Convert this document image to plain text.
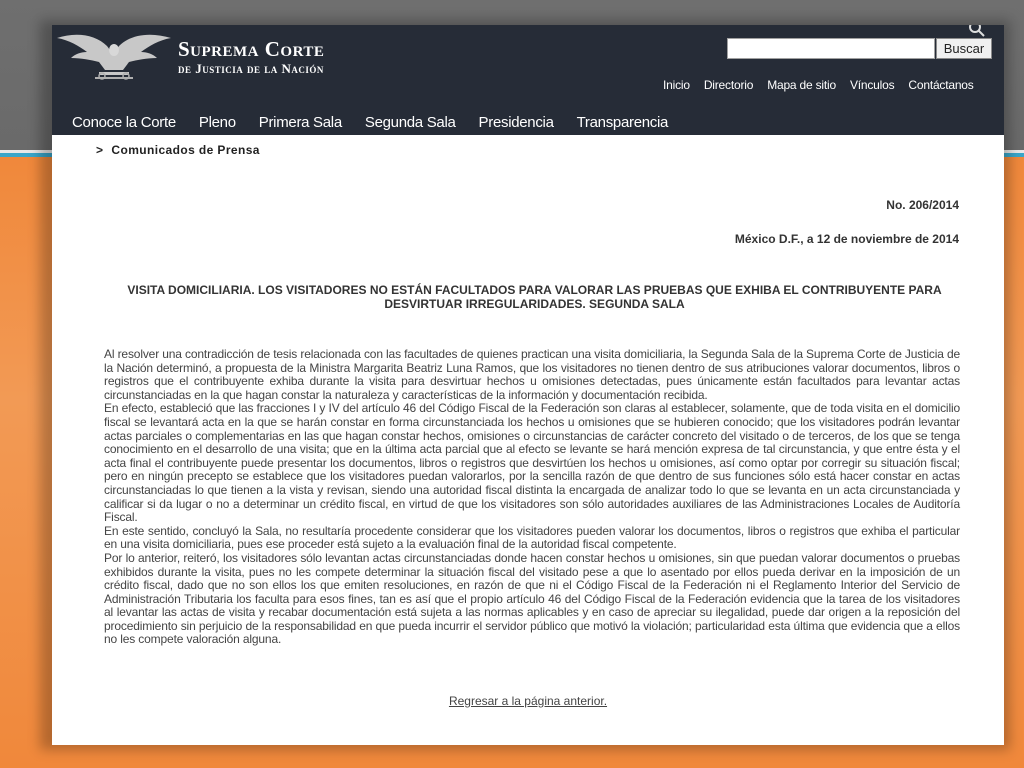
Suprema Corte
de Justicia de la Nación
Buscar
Inicio Directorio Mapa de sitio Vínculos Contáctanos
Conoce la Corte Pleno Primera Sala Segunda Sala Presidencia Transparencia
> Comunicados de Prensa
No. 206/2014
México D.F., a 12 de noviembre de 2014
VISITA DOMICILIARIA. LOS VISITADORES NO ESTÁN FACULTADOS PARA VALORAR LAS PRUEBAS QUE EXHIBA EL CONTRIBUYENTE PARA DESVIRTUAR IRREGULARIDADES. SEGUNDA SALA

Al resolver una contradicción de tesis relacionada con las facultades de quienes practican una visita domiciliaria, la Segunda Sala de la Suprema Corte de Justicia de la Nación determinó, a propuesta de la Ministra Margarita Beatriz Luna Ramos, que los visitadores no tienen dentro de sus atribuciones valorar documentos, libros o registros que el contribuyente exhiba durante la visita para desvirtuar hechos u omisiones detectadas, pues únicamente están facultados para levantar actas circunstanciadas en la que hagan constar la naturaleza y características de la información y documentación recibida.

En efecto, estableció que las fracciones I y IV del artículo 46 del Código Fiscal de la Federación son claras al establecer, solamente, que de toda visita en el domicilio fiscal se levantará acta en la que se harán constar en forma circunstanciada los hechos u omisiones que se hubieren conocido; que los visitadores podrán levantar actas parciales o complementarias en las que hagan constar hechos, omisiones o circunstancias de carácter concreto del visitado o de terceros, de los que se tenga conocimiento en el desarrollo de una visita; que en la última acta parcial que al efecto se levante se hará mención expresa de tal circunstancia, y que entre ésta y el acta final el contribuyente puede presentar los documentos, libros o registros que desvirtúen los hechos u omisiones, así como optar por corregir su situación fiscal; pero en ningún precepto se establece que los visitadores puedan valorarlos, por la sencilla razón de que dentro de sus funciones sólo está hacer constar en actas circunstanciadas lo que tienen a la vista y revisan, siendo una autoridad fiscal distinta la encargada de analizar todo lo que se levanta en un acta circunstanciada y calificar si da lugar o no a determinar un crédito fiscal, en virtud de que los visitadores son sólo autoridades auxiliares de las Administraciones Locales de Auditoría Fiscal.

En este sentido, concluyó la Sala, no resultaría procedente considerar que los visitadores pueden valorar los documentos, libros o registros que exhiba el particular en una visita domiciliaria, pues ese proceder está sujeto a la evaluación final de la autoridad fiscal competente.

Por lo anterior, reiteró, los visitadores sólo levantan actas circunstanciadas donde hacen constar hechos u omisiones, sin que puedan valorar documentos o pruebas exhibidos durante la visita, pues no les compete determinar la situación fiscal del visitado pese a que lo asentado por ellos pueda derivar en la imposición de un crédito fiscal, dado que no son ellos los que emiten resoluciones, en razón de que ni el Código Fiscal de la Federación ni el Reglamento Interior del Servicio de Administración Tributaria los faculta para esos fines, tan es así que el propio artículo 46 del Código Fiscal de la Federación evidencia que la tarea de los visitadores al levantar las actas de visita y recabar documentación está sujeta a las normas aplicables y en caso de apreciar su ilegalidad, puede dar origen a la reposición del procedimiento sin perjuicio de la responsabilidad en que pueda incurrir el servidor público que motivó la violación; particularidad esta última que evidencia que a ellos no les compete valoración alguna.

Regresar a la página anterior.
